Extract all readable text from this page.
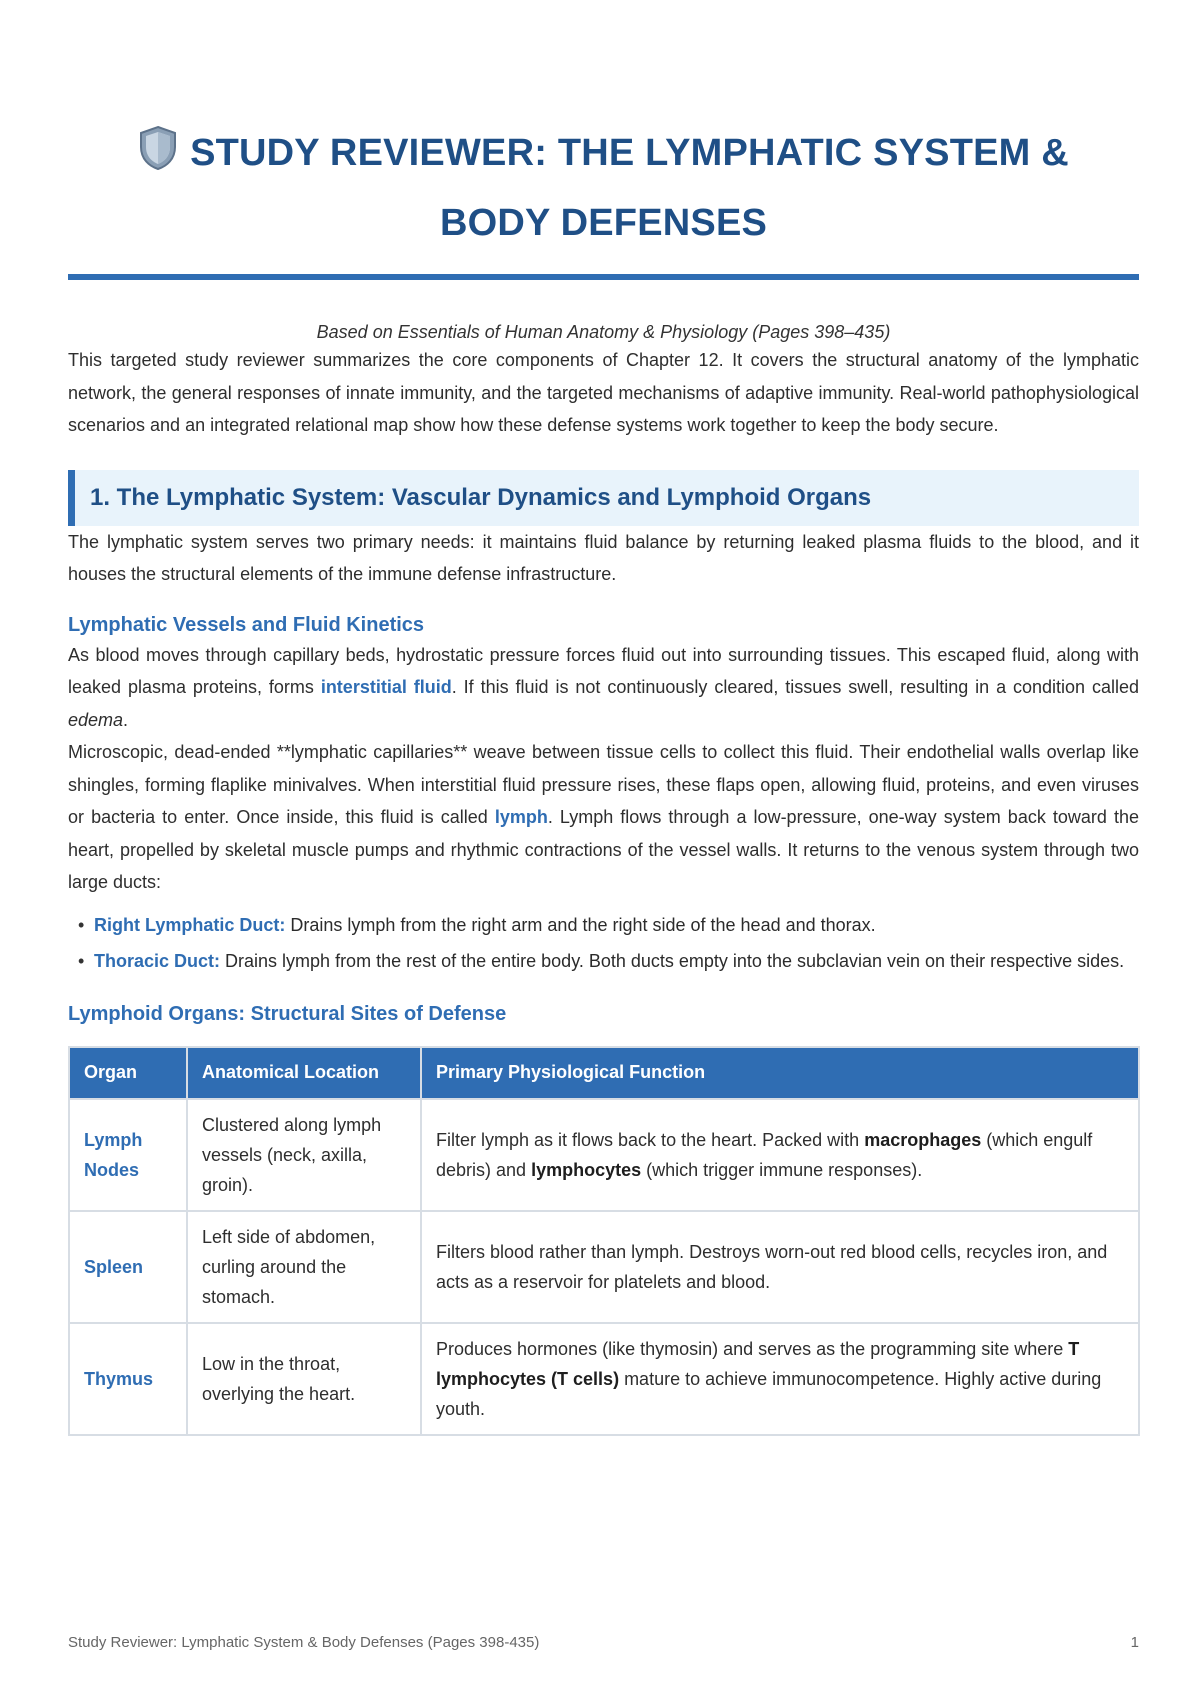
STUDY REVIEWER: THE LYMPHATIC SYSTEM &
BODY DEFENSES
Based on Essentials of Human Anatomy & Physiology (Pages 398–435)

This targeted study reviewer summarizes the core components of Chapter 12. It covers the structural anatomy of the lymphatic network, the general responses of innate immunity, and the targeted mechanisms of adaptive immunity. Real-world pathophysiological scenarios and an integrated relational map show how these defense systems work together to keep the body secure.

1. The Lymphatic System: Vascular Dynamics and Lymphoid Organs

The lymphatic system serves two primary needs: it maintains fluid balance by returning leaked plasma fluids to the blood, and it houses the structural elements of the immune defense infrastructure.

Lymphatic Vessels and Fluid Kinetics

As blood moves through capillary beds, hydrostatic pressure forces fluid out into surrounding tissues. This escaped fluid, along with leaked plasma proteins, forms interstitial fluid. If this fluid is not continuously cleared, tissues swell, resulting in a condition called edema.

Microscopic, dead-ended **lymphatic capillaries** weave between tissue cells to collect this fluid. Their endothelial walls overlap like shingles, forming flaplike minivalves. When interstitial fluid pressure rises, these flaps open, allowing fluid, proteins, and even viruses or bacteria to enter. Once inside, this fluid is called lymph. Lymph flows through a low-pressure, one-way system back toward the heart, propelled by skeletal muscle pumps and rhythmic contractions of the vessel walls. It returns to the venous system through two large ducts:

• Right Lymphatic Duct: Drains lymph from the right arm and the right side of the head and thorax.
• Thoracic Duct: Drains lymph from the rest of the entire body. Both ducts empty into the subclavian vein on their respective sides.
Lymphoid Organs: Structural Sites of Defense
Organ	Anatomical Location	Primary Physiological Function
Lymph Nodes	Clustered along lymph vessels (neck, axilla, groin).	Filter lymph as it flows back to the heart. Packed with macrophages (which engulf debris) and lymphocytes (which trigger immune responses).
Spleen	Left side of abdomen, curling around the stomach.	Filters blood rather than lymph. Destroys worn-out red blood cells, recycles iron, and acts as a reservoir for platelets and blood.
Thymus	Low in the throat, overlying the heart.	Produces hormones (like thymosin) and serves as the programming site where T lymphocytes (T cells) mature to achieve immunocompetence. Highly active during youth.
Study Reviewer: Lymphatic System & Body Defenses (Pages 398-435)	1
